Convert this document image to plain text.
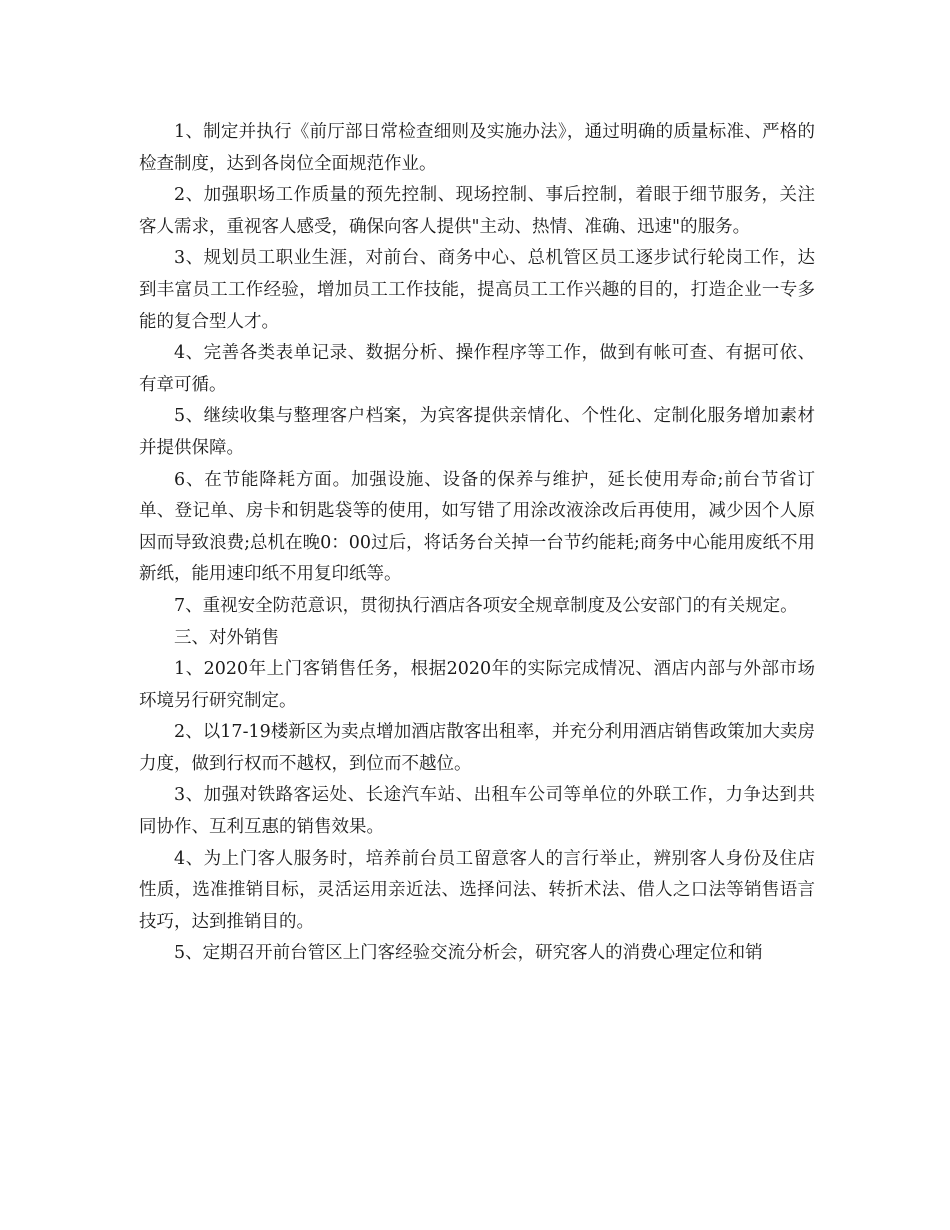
1、制定并执行《前厅部日常检查细则及实施办法》，通过明确的质量标准、严格的检查制度，达到各岗位全面规范作业。

2、加强职场工作质量的预先控制、现场控制、事后控制，着眼于细节服务，关注客人需求，重视客人感受，确保向客人提供"主动、热情、准确、迅速"的服务。

3、规划员工职业生涯，对前台、商务中心、总机管区员工逐步试行轮岗工作，达到丰富员工工作经验，增加员工工作技能，提高员工工作兴趣的目的，打造企业一专多能的复合型人才。

4、完善各类表单记录、数据分析、操作程序等工作，做到有帐可查、有据可依、有章可循。

5、继续收集与整理客户档案，为宾客提供亲情化、个性化、定制化服务增加素材并提供保障。

6、在节能降耗方面。加强设施、设备的保养与维护，延长使用寿命;前台节省订单、登记单、房卡和钥匙袋等的使用，如写错了用涂改液涂改后再使用，减少因个人原因而导致浪费;总机在晚0：00过后，将话务台关掉一台节约能耗;商务中心能用废纸不用新纸，能用速印纸不用复印纸等。

7、重视安全防范意识，贯彻执行酒店各项安全规章制度及公安部门的有关规定。

三、对外销售

1、2020年上门客销售任务，根据2020年的实际完成情况、酒店内部与外部市场环境另行研究制定。

2、以17-19楼新区为卖点增加酒店散客出租率，并充分利用酒店销售政策加大卖房力度，做到行权而不越权，到位而不越位。

3、加强对铁路客运处、长途汽车站、出租车公司等单位的外联工作，力争达到共同协作、互利互惠的销售效果。

4、为上门客人服务时，培养前台员工留意客人的言行举止，辨别客人身份及住店性质，选准推销目标，灵活运用亲近法、选择问法、转折术法、借人之口法等销售语言技巧，达到推销目的。

5、定期召开前台管区上门客经验交流分析会，研究客人的消费心理定位和销
